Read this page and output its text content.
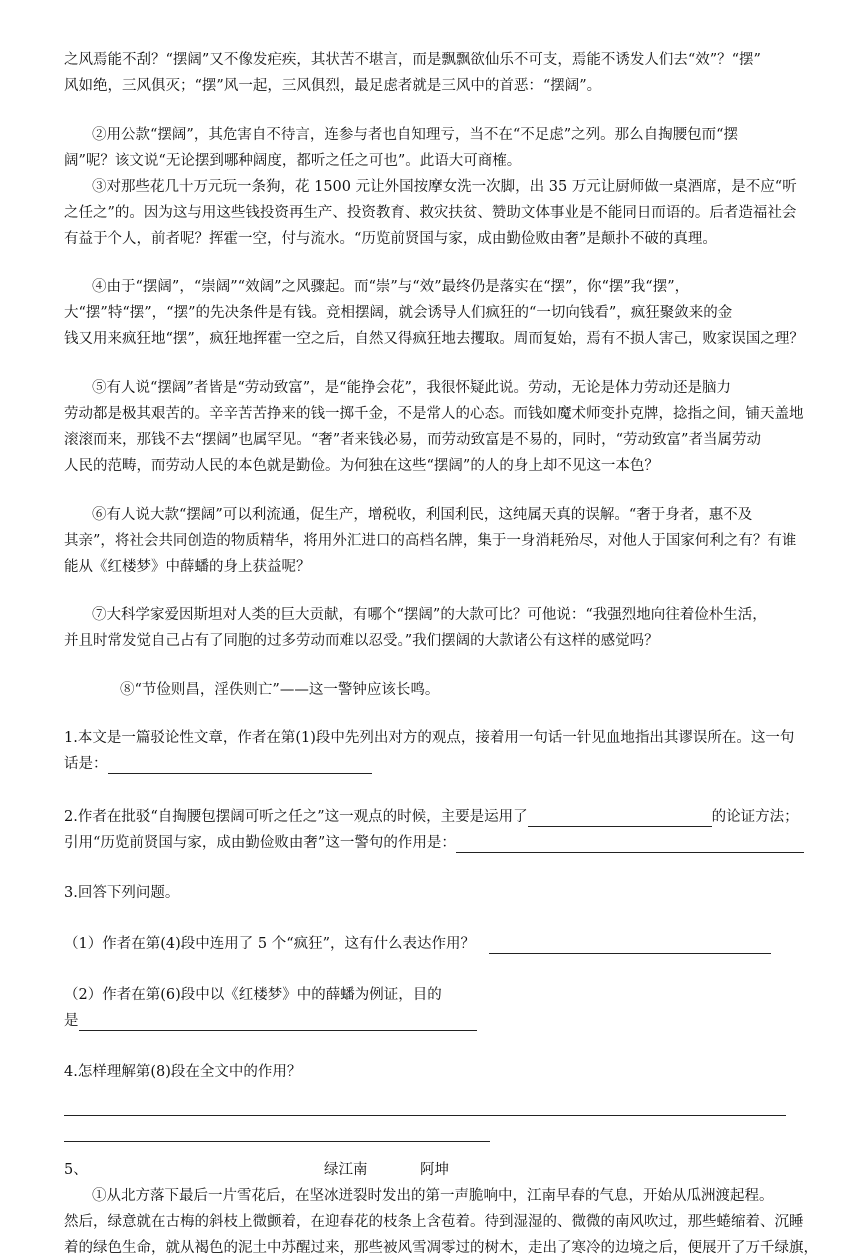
之风焉能不刮？“摆阔”又不像发疟疾，其状苦不堪言，而是飘飘欲仙乐不可支，焉能不诱发人们去“效”？“摆”
风如绝，三风俱灭；“摆”风一起，三风俱烈，最足虑者就是三风中的首恶：“摆阔”。
②用公款“摆阔”，其危害自不待言，连参与者也自知理亏，当不在“不足虑”之列。那么自掏腰包而“摆
阔”呢？该文说“无论摆到哪种阔度，都听之任之可也”。此语大可商榷。
③对那些花几十万元玩一条狗，花 1500 元让外国按摩女洗一次脚，出 35 万元让厨师做一桌酒席，是不应“听
之任之”的。因为这与用这些钱投资再生产、投资教育、救灾扶贫、赞助文体事业是不能同日而语的。后者造福社会
有益于个人，前者呢？挥霍一空，付与流水。“历览前贤国与家，成由勤俭败由奢”是颠扑不破的真理。
④由于“摆阔”，“崇阔”“效阔”之风骤起。而“崇”与“效”最终仍是落实在“摆”，你“摆”我“摆”，
大“摆”特“摆”，“摆”的先决条件是有钱。竞相摆阔，就会诱导人们疯狂的“一切向钱看”，疯狂聚敛来的金
钱又用来疯狂地“摆”，疯狂地挥霍一空之后，自然又得疯狂地去攫取。周而复始，焉有不损人害己，败家误国之理？
⑤有人说“摆阔”者皆是“劳动致富”，是“能挣会花”，我很怀疑此说。劳动，无论是体力劳动还是脑力
劳动都是极其艰苦的。辛辛苦苦挣来的钱一掷千金，不是常人的心态。而钱如魔术师变扑克牌，捻指之间，铺天盖地
滚滚而来，那钱不去“摆阔”也属罕见。“奢”者来钱必易，而劳动致富是不易的，同时，“劳动致富”者当属劳动
人民的范畴，而劳动人民的本色就是勤俭。为何独在这些“摆阔”的人的身上却不见这一本色？
⑥有人说大款“摆阔”可以利流通，促生产，增税收，利国利民，这纯属天真的误解。“奢于身者，惠不及
其亲”，将社会共同创造的物质精华，将用外汇进口的高档名牌，集于一身消耗殆尽，对他人于国家何利之有？有谁
能从《红楼梦》中薛蟠的身上获益呢？
⑦大科学家爱因斯坦对人类的巨大贡献，有哪个“摆阔”的大款可比？可他说：“我强烈地向往着俭朴生活，
并且时常发觉自己占有了同胞的过多劳动而难以忍受。”我们摆阔的大款诸公有这样的感觉吗？
⑧“节俭则昌，淫佚则亡”——这一警钟应该长鸣。
1.本文是一篇驳论性文章，作者在第(1)段中先列出对方的观点，接着用一句话一针见血地指出其谬误所在。这一句
话是：
2.作者在批驳“自掏腰包摆阔可听之任之”这一观点的时候，主要是运用了	的论证方法；
引用“历览前贤国与家，成由勤俭败由奢”这一警句的作用是：
3.回答下列问题。
（1）作者在第(4)段中连用了 5 个“疯狂”，这有什么表达作用？
（2）作者在第(6)段中以《红楼梦》中的薛蟠为例证，目的
是
4.怎样理解第(8)段在全文中的作用？
5、	绿江南	阿坤
①从北方落下最后一片雪花后，在坚冰迸裂时发出的第一声脆响中，江南早春的气息，开始从瓜洲渡起程。
然后，绿意就在古梅的斜枝上微颤着，在迎春花的枝条上含苞着。待到湿湿的、微微的南风吹过，那些蜷缩着、沉睡
着的绿色生命，就从褐色的泥土中苏醒过来，那些被风雪凋零过的树木，走出了寒冷的边境之后，便展开了万千绿旗，
